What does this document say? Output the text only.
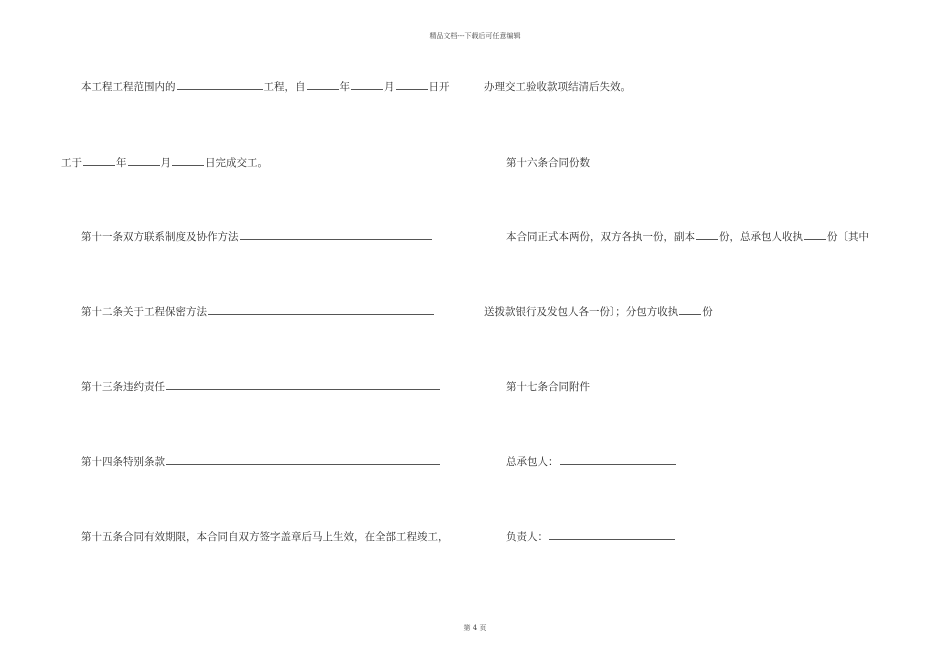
精品文档---下载后可任意编辑
本工程工程范围内的	工程，自	年	月	日开
工于	年	月	日完成交工。
第十一条双方联系制度及协作方法
第十二条关于工程保密方法
第十三条违约责任
第十四条特别条款
第十五条合同有效期限，本合同自双方签字盖章后马上生效，在全部工程竣工，
办理交工验收款项结清后失效。
第十六条合同份数
本合同正式本两份，双方各执一份，副本 份，总承包人收执 份〔其中
送拨款银行及发包人各一份〕；分包方收执 份
第十七条合同附件
总承包人：
负责人：
第 4 页
